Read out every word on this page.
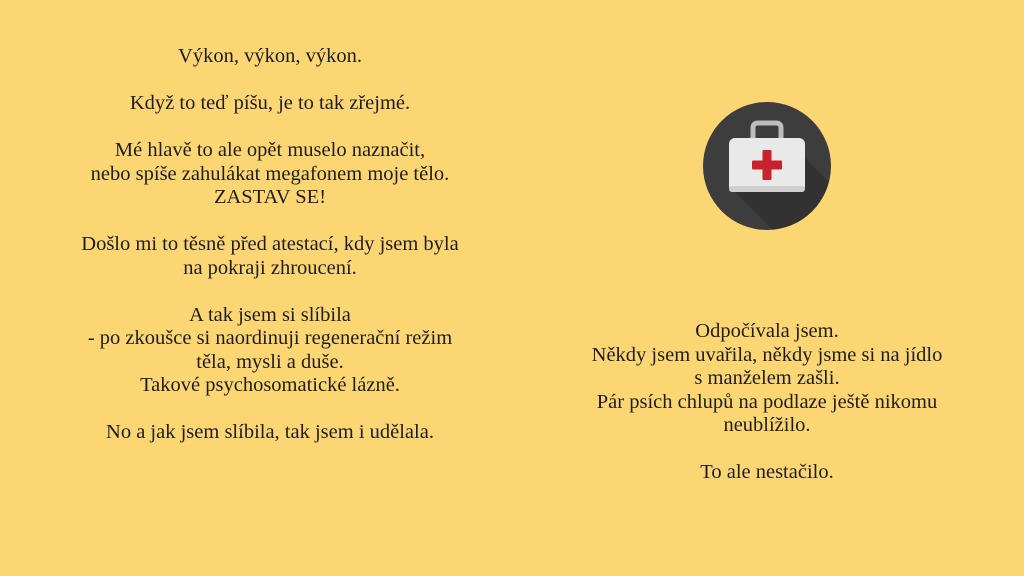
Výkon, výkon, výkon.
Když to teď píšu, je to tak zřejmé.
Mé hlavě to ale opět muselo naznačit,
nebo spíše zahulákat megafonem moje tělo.
ZASTAV SE!
Došlo mi to těsně před atestací, kdy jsem byla
na pokraji zhroucení.
A tak jsem si slíbila
- po zkoušce si naordinuji regenerační režim
těla, mysli a duše.
Takové psychosomatické lázně.
No a jak jsem slíbila, tak jsem i udělala.
Odpočívala jsem.
Někdy jsem uvařila, někdy jsme si na jídlo
s manželem zašli.
Pár psích chlupů na podlaze ještě nikomu
neublížilo.
To ale nestačilo.
